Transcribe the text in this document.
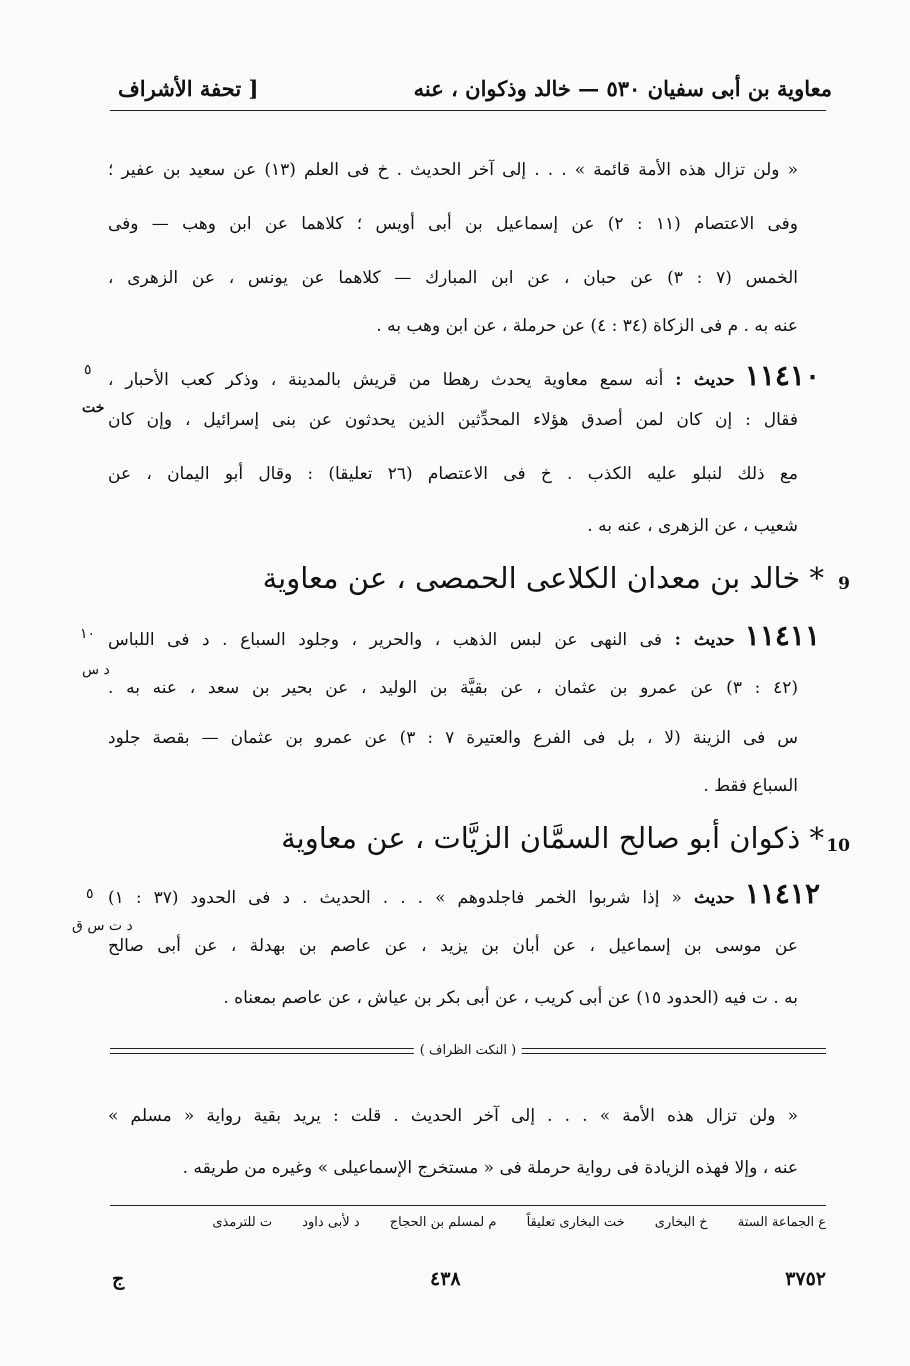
معاوية بن أبى سفيان ٥٣٠ — خالد وذكوان ، عنه
[ تحفة الأشراف
« ولن تزال هذه الأمة قائمة » . . . إلى آخر الحديث . خ فى العلم (١٣) عن سعيد بن عفير ؛
وفى الاعتصام (١١ : ٢) عن إسماعيل بن أبى أويس ؛ كلاهما عن ابن وهب — وفى
الخمس (٧ : ٣) عن حبان ، عن ابن المبارك — كلاهما عن يونس ، عن الزهرى ،
عنه به . م فى الزكاة (٣٤ : ٤) عن حرملة ، عن ابن وهب به .
١١٤١٠حديث : أنه سمع معاوية يحدث رهطا من قريش بالمدينة ، وذكر كعب الأحبار ،
٥
خت
فقال : إن كان لمن أصدق هؤلاء المحدِّثين الذين يحدثون عن بنى إسرائيل ، وإن كان
مع ذلك لنبلو عليه الكذب . خ فى الاعتصام (٢٦ تعليقا) : وقال أبو اليمان ، عن
شعيب ، عن الزهرى ، عنه به .
9
* خالد بن معدان الكلاعى الحمصى ، عن معاوية
١١٤١١حديث : فى النهى عن لبس الذهب ، والحرير ، وجلود السباع . د فى اللباس
١٠
د س
(٤٢ : ٣) عن عمرو بن عثمان ، عن بقيَّة بن الوليد ، عن بحير بن سعد ، عنه به .
س فى الزينة (لا ، بل فى الفرع والعتيرة ٧ : ٣) عن عمرو بن عثمان — بقصة جلود
السباع فقط .
10
* ذكوان أبو صالح السمَّان الزيَّات ، عن معاوية
١١٤١٢حديث « إذا شربوا الخمر فاجلدوهم » . . . الحديث . د فى الحدود (٣٧ : ١)
٥
د ت س ق
عن موسى بن إسماعيل ، عن أبان بن يزيد ، عن عاصم بن بهدلة ، عن أبى صالح
به . ت فيه (الحدود ١٥) عن أبى كريب ، عن أبى بكر بن عياش ، عن عاصم بمعناه .
( النكت الظراف )
« ولن تزال هذه الأمة » . . . إلى آخر الحديث . قلت : يريد بقية رواية « مسلم »
عنه ، وإلا فهذه الزيادة فى رواية حرملة فى « مستخرج الإسماعيلى » وغيره من طريقه .
ع الجماعة الستة خ البخارى خت البخارى تعليقاً م لمسلم بن الحجاج د لأبى داود ت للترمذى
٣٧٥٢
٤٣٨
ج
